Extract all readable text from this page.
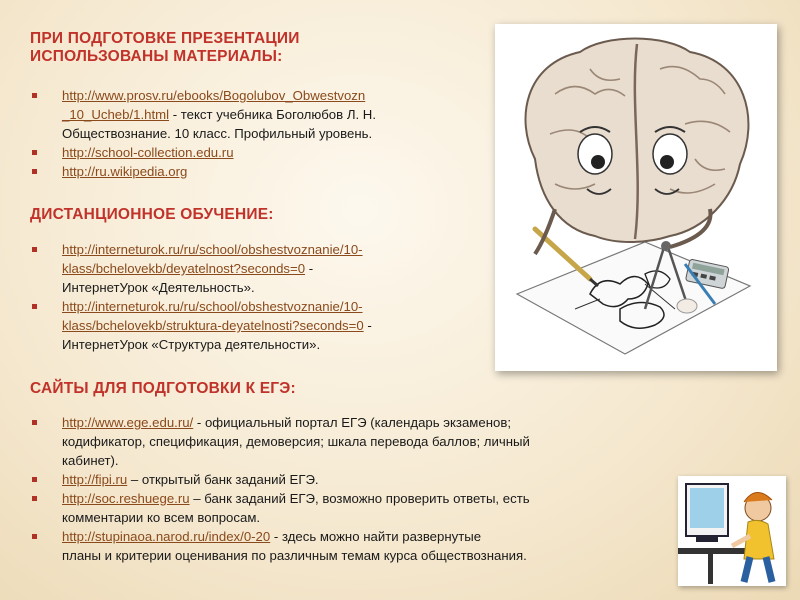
ПРИ ПОДГОТОВКЕ ПРЕЗЕНТАЦИИ
ИСПОЛЬЗОВАНЫ МАТЕРИАЛЫ:
http://www.prosv.ru/ebooks/Bogolubov_Obwestvozn
_10_Ucheb/1.html - текст учебника Боголюбов Л. Н.
Обществознание. 10 класс. Профильный уровень.
http://school-collection.edu.ru
http://ru.wikipedia.org
ДИСТАНЦИОННОЕ ОБУЧЕНИЕ:
http://interneturok.ru/ru/school/obshestvoznanie/10-
klass/bchelovekb/deyatelnost?seconds=0 -
ИнтернетУрок «Деятельность».
http://interneturok.ru/ru/school/obshestvoznanie/10-
klass/bchelovekb/struktura-deyatelnosti?seconds=0 -
ИнтернетУрок «Структура деятельности».
САЙТЫ ДЛЯ ПОДГОТОВКИ К ЕГЭ:
http://www.ege.edu.ru/ - официальный портал ЕГЭ (календарь экзаменов;
кодификатор, спецификация, демоверсия; шкала перевода баллов; личный
кабинет).
http://fipi.ru – открытый банк заданий ЕГЭ.
http://soc.reshuege.ru – банк заданий ЕГЭ, возможно проверить ответы, есть
комментарии ко всем вопросам.
http://stupinaoa.narod.ru/index/0-20 - здесь можно найти развернутые
планы и критерии оценивания по различным темам курса обществознания.
